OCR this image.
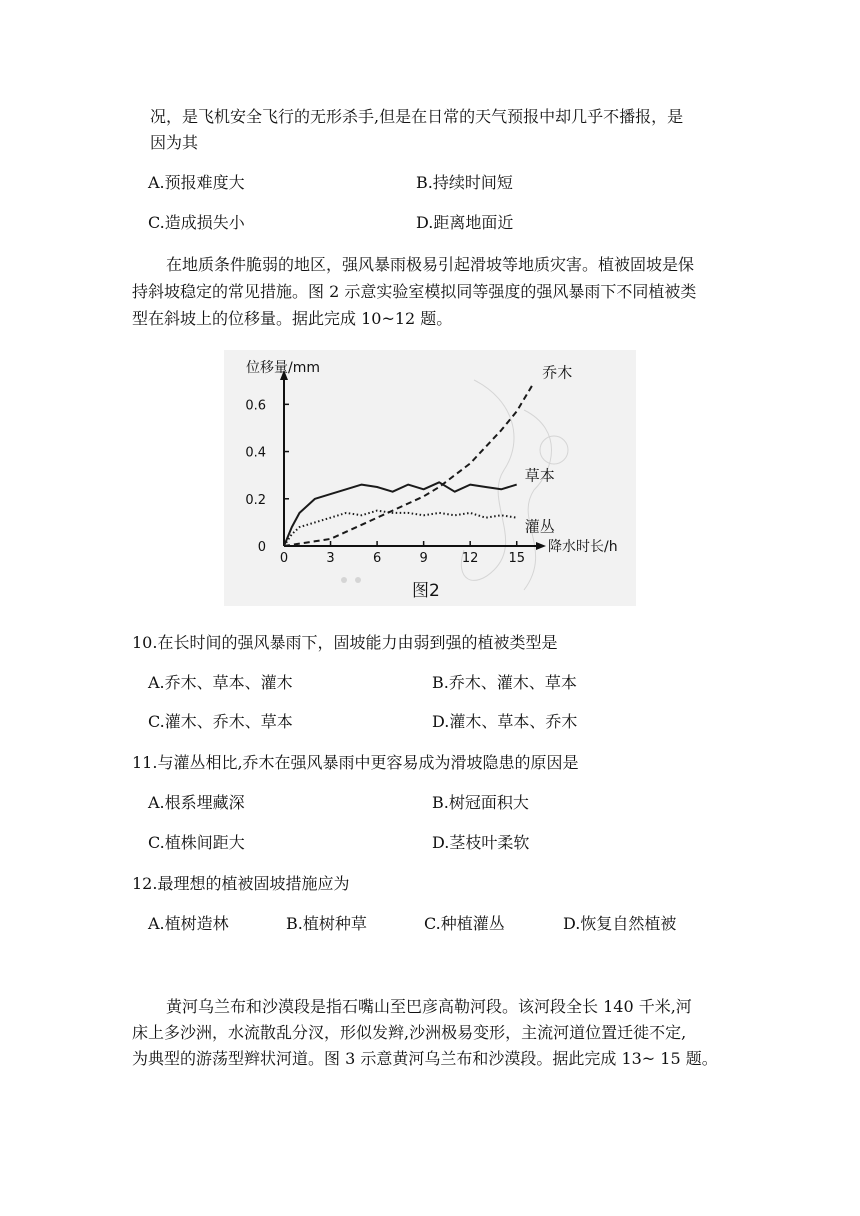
况，是飞机安全飞行的无形杀手,但是在日常的天气预报中却几乎不播报，是
因为其
A.预报难度大	B.持续时间短
C.造成损失小	D.距离地面近
在地质条件脆弱的地区，强风暴雨极易引起滑坡等地质灾害。植被固坡是保
持斜坡稳定的常见措施。图 2 示意实验室模拟同等强度的强风暴雨下不同植被类
型在斜坡上的位移量。据此完成 10~12 题。
位移量/mm
降水时长/h
图2
0	3	6	9	12 15
0
0.2
0.4
0.6
乔木
草本
灌丛
10.在长时间的强风暴雨下，固坡能力由弱到强的植被类型是
A.乔木、草本、灌木	B.乔木、灌木、草本
C.灌木、乔木、草本	D.灌木、草本、乔木
11.与灌丛相比,乔木在强风暴雨中更容易成为滑坡隐患的原因是
A.根系埋藏深	B.树冠面积大
C.植株间距大	D.茎枝叶柔软
12.最理想的植被固坡措施应为
A.植树造林	B.植树种草	C.种植灌丛	D.恢复自然植被
黄河乌兰布和沙漠段是指石嘴山至巴彦高勒河段。该河段全长 140 千米,河
床上多沙洲，水流散乱分汊，形似发辫,沙洲极易变形，主流河道位置迁徙不定,
为典型的游荡型辫状河道。图 3 示意黄河乌兰布和沙漠段。据此完成 13~ 15 题。
